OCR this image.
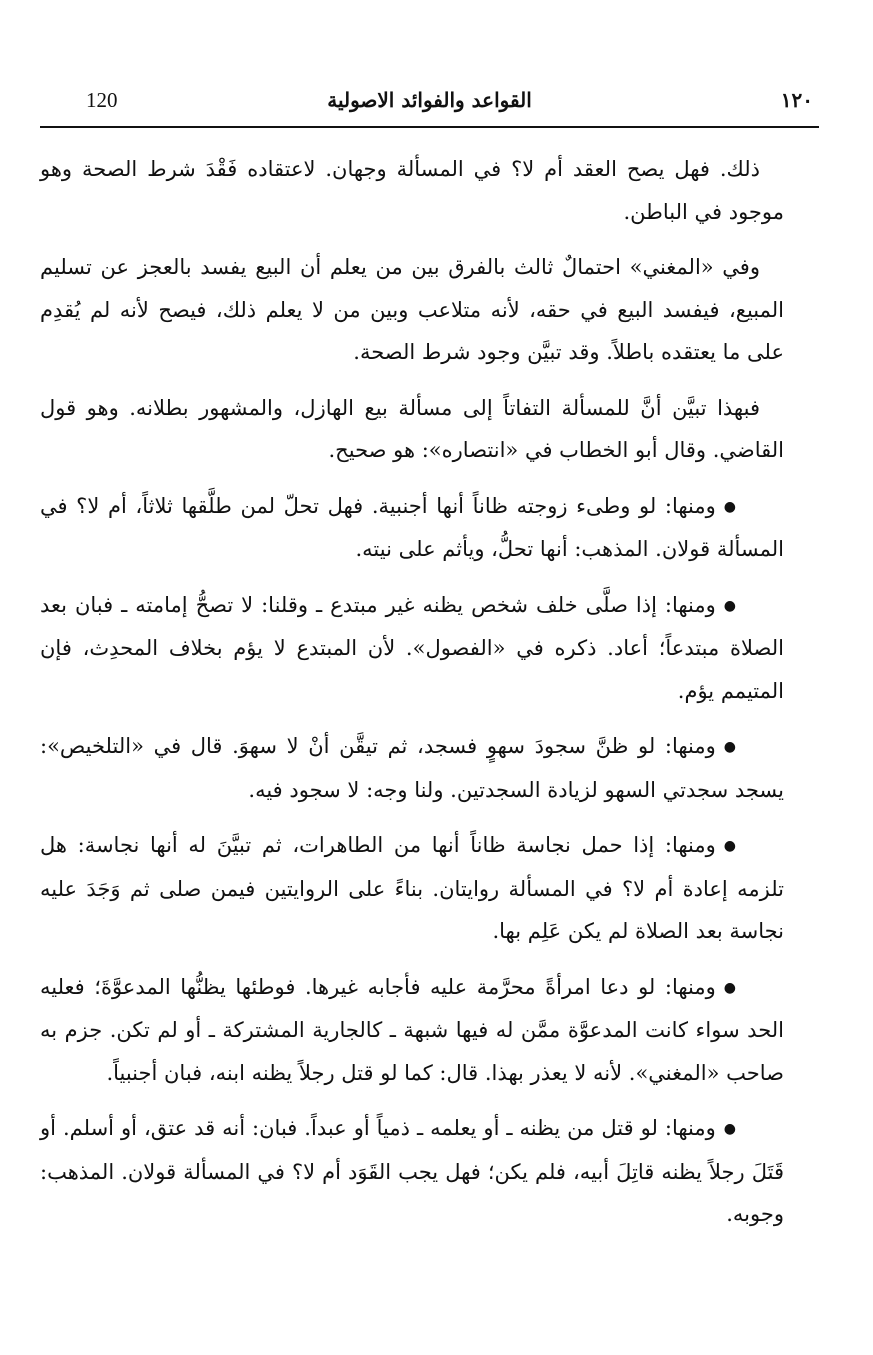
120	القواعد والفوائد الاصولية	١٢٠

ذلك. فهل يصح العقد أم لا؟ في المسألة وجهان. لاعتقاده فَقْدَ شرط الصحة وهو موجود في الباطن.

وفي «المغني» احتمالٌ ثالث بالفرق بين من يعلم أن البيع يفسد بالعجز عن تسليم المبيع، فيفسد البيع في حقه، لأنه متلاعب وبين من لا يعلم ذلك، فيصح لأنه لم يُقدِم على ما يعتقده باطلاً. وقد تبيَّن وجود شرط الصحة.

فبهذا تبيَّن أنَّ للمسألة التفاتاً إلى مسألة بيع الهازل، والمشهور بطلانه. وهو قول القاضي. وقال أبو الخطاب في «انتصاره»: هو صحيح.

●ومنها: لو وطىء زوجته ظاناً أنها أجنبية. فهل تحلّ لمن طلَّقها ثلاثاً، أم لا؟ في المسألة قولان. المذهب: أنها تحلُّ، ويأثم على نيته.

●ومنها: إذا صلَّى خلف شخص يظنه غير مبتدع ـ وقلنا: لا تصحُّ إمامته ـ فبان بعد الصلاة مبتدعاً؛ أعاد. ذكره في «الفصول». لأن المبتدع لا يؤم بخلاف المحدِث، فإن المتيمم يؤم.

●ومنها: لو ظنَّ سجودَ سهوٍ فسجد، ثم تيقَّن أنْ لا سهوَ. قال في «التلخيص»: يسجد سجدتي السهو لزيادة السجدتين. ولنا وجه: لا سجود فيه.

●ومنها: إذا حمل نجاسة ظاناً أنها من الطاهرات، ثم تبيَّنَ له أنها نجاسة: هل تلزمه إعادة أم لا؟ في المسألة روايتان. بناءً على الروايتين فيمن صلى ثم وَجَدَ عليه نجاسة بعد الصلاة لم يكن عَلِم بها.

●ومنها: لو دعا امرأةً محرَّمة عليه فأجابه غيرها. فوطئها يظنُّها المدعوَّةَ؛ فعليه الحد سواء كانت المدعوَّة ممَّن له فيها شبهة ـ كالجارية المشتركة ـ أو لم تكن. جزم به صاحب «المغني». لأنه لا يعذر بهذا. قال: كما لو قتل رجلاً يظنه ابنه، فبان أجنبياً.

●ومنها: لو قتل من يظنه ـ أو يعلمه ـ ذمياً أو عبداً. فبان: أنه قد عتق، أو أسلم. أو قَتَلَ رجلاً يظنه قاتِلَ أبيه، فلم يكن؛ فهل يجب القَوَد أم لا؟ في المسألة قولان. المذهب: وجوبه.
